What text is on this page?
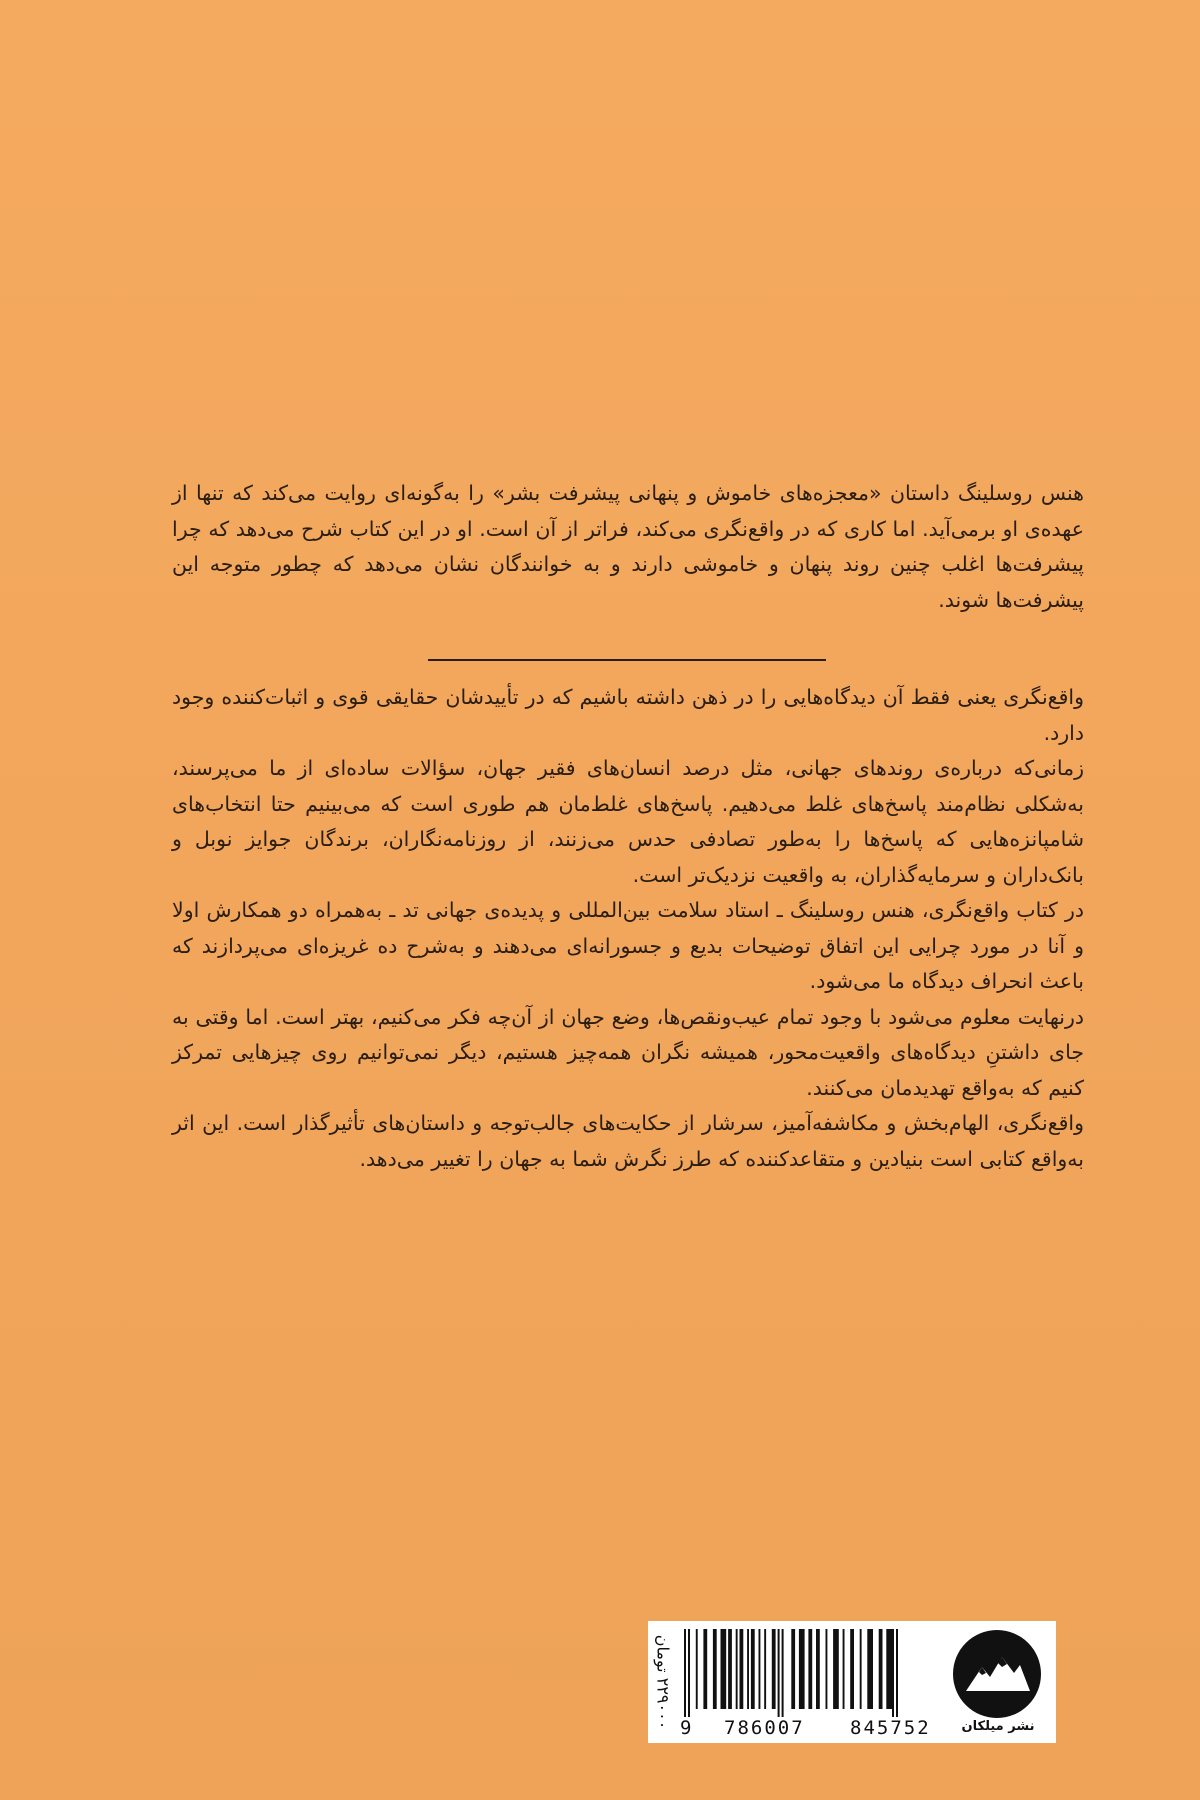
هنس روسلینگ داستان «معجزه‌های خاموش و پنهانی پیشرفت بشر» را به‌گونه‌ای روایت می‌کند که تنها از عهده‌ی او برمی‌آید. اما کاری که در واقع‌نگری می‌کند، فراتر از آن است. او در این کتاب شرح می‌دهد که چرا پیشرفت‌ها اغلب چنین روند پنهان و خاموشی دارند و به خوانندگان نشان می‌دهد که چطور متوجه این پیشرفت‌ها شوند.

واقع‌نگری یعنی فقط آن دیدگاه‌هایی را در ذهن داشته باشیم که در تأییدشان حقایقی قوی و اثبات‌کننده وجود دارد.

زمانی‌که درباره‌ی روندهای جهانی، مثل درصد انسان‌های فقیر جهان، سؤالات ساده‌ای از ما می‌پرسند، به‌شکلی نظام‌مند پاسخ‌های غلط می‌دهیم. پاسخ‌های غلط‌مان هم طوری است که می‌بینیم حتا انتخاب‌های شامپانزه‌هایی که پاسخ‌ها را به‌طور تصادفی حدس می‌زنند، از روزنامه‌نگاران، برندگان جوایز نوبل و بانک‌داران و سرمایه‌گذاران، به واقعیت نزدیک‌تر است.

در کتاب واقع‌نگری، هنس روسلینگ ـ استاد سلامت بین‌المللی و پدیده‌ی جهانی تد ـ به‌همراه دو همکارش اولا و آنا در مورد چرایی این اتفاق توضیحات بدیع و جسورانه‌ای می‌دهند و به‌شرح ده غریزه‌ای می‌پردازند که باعث انحراف دیدگاه ما می‌شود.

درنهایت معلوم می‌شود با وجود تمام عیب‌ونقص‌ها، وضع جهان از آن‌چه فکر می‌کنیم، بهتر است. اما وقتی به جای داشتنِ دیدگاه‌های واقعیت‌محور، همیشه نگران همه‌چیز هستیم، دیگر نمی‌توانیم روی چیزهایی تمرکز کنیم که به‌واقع تهدیدمان می‌کنند.

واقع‌نگری، الهام‌بخش و مکاشفه‌آمیز، سرشار از حکایت‌های جالب‌توجه و داستان‌های تأثیرگذار است. این اثر به‌واقع کتابی است بنیادین و متقاعدکننده که طرز نگرش شما به جهان را تغییر می‌دهد.

۲۲۹۰۰۰ تومان 9 786007 845752	نشر میلکان
